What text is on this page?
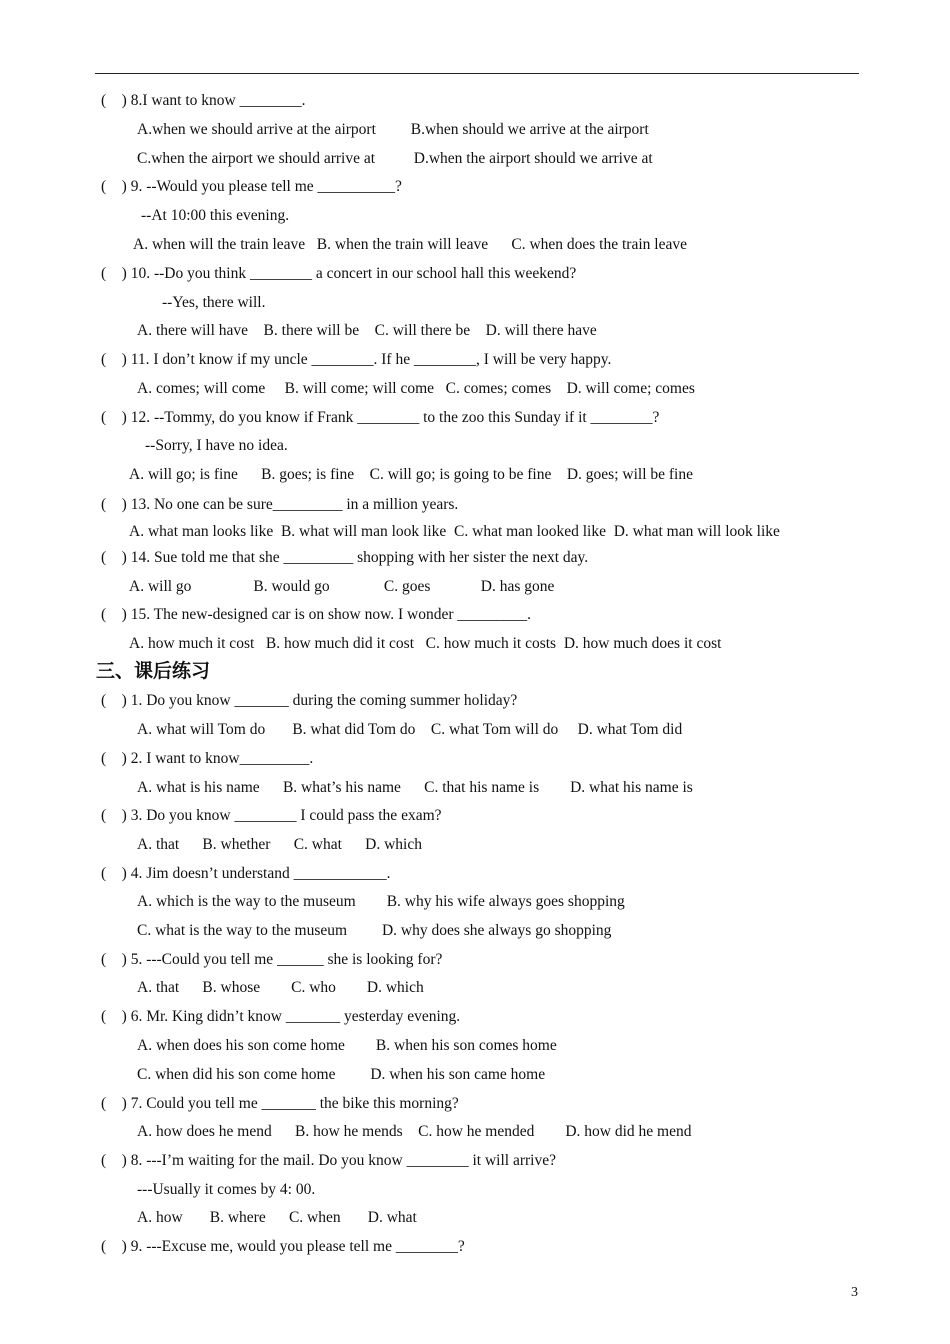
(    ) 8.I want to know ________.
A.when we should arrive at the airport         B.when should we arrive at the airport
C.when the airport we should arrive at          D.when the airport should we arrive at
(    ) 9. --Would you please tell me __________?
--At 10:00 this evening.
A. when will the train leave   B. when the train will leave      C. when does the train leave
(    ) 10. --Do you think ________ a concert in our school hall this weekend?
--Yes, there will.
A. there will have    B. there will be    C. will there be    D. will there have
(    ) 11. I don’t know if my uncle ________. If he ________, I will be very happy.
A. comes; will come     B. will come; will come   C. comes; comes    D. will come; comes
(    ) 12. --Tommy, do you know if Frank ________ to the zoo this Sunday if it ________?
--Sorry, I have no idea.
A. will go; is fine      B. goes; is fine    C. will go; is going to be fine    D. goes; will be fine
(    ) 13. No one can be sure_________ in a million years.
A. what man looks like  B. what will man look like  C. what man looked like  D. what man will look like
(    ) 14. Sue told me that she _________ shopping with her sister the next day.
A. will go                B. would go              C. goes             D. has gone
(    ) 15. The new-designed car is on show now. I wonder _________.
A. how much it cost   B. how much did it cost   C. how much it costs  D. how much does it cost
(    ) 1. Do you know _______ during the coming summer holiday?
A. what will Tom do       B. what did Tom do    C. what Tom will do     D. what Tom did
(    ) 2. I want to know_________.
A. what is his name      B. what’s his name      C. that his name is        D. what his name is
(    ) 3. Do you know ________ I could pass the exam?
A. that      B. whether      C. what      D. which
(    ) 4. Jim doesn’t understand ____________.
A. which is the way to the museum        B. why his wife always goes shopping
C. what is the way to the museum         D. why does she always go shopping
(    ) 5. ---Could you tell me ______ she is looking for?
A. that      B. whose        C. who        D. which
(    ) 6. Mr. King didn’t know _______ yesterday evening.
A. when does his son come home        B. when his son comes home
C. when did his son come home         D. when his son came home
(    ) 7. Could you tell me _______ the bike this morning?
A. how does he mend      B. how he mends    C. how he mended        D. how did he mend
(    ) 8. ---I’m waiting for the mail. Do you know ________ it will arrive?
---Usually it comes by 4: 00.
A. how       B. where      C. when       D. what
(    ) 9. ---Excuse me, would you please tell me ________?
三、课后练习
3
